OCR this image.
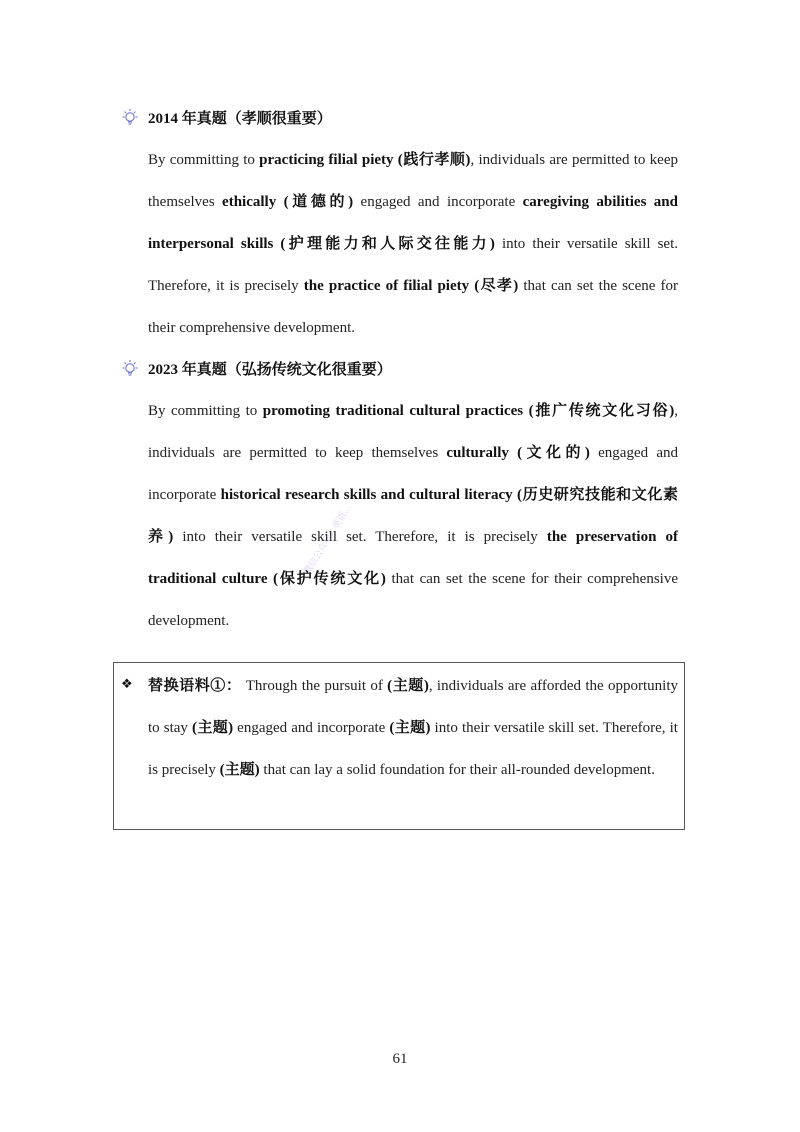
2014 年真题（孝顺很重要）
By committing to practicing filial piety (践行孝顺), individuals are permitted to keep themselves ethically (道德的) engaged and incorporate caregiving abilities and interpersonal skills (护理能力和人际交往能力) into their versatile skill set. Therefore, it is precisely the practice of filial piety (尽孝) that can set the scene for their comprehensive development.
2023 年真题（弘扬传统文化很重要）
By committing to promoting traditional cultural practices (推广传统文化习俗), individuals are permitted to keep themselves culturally (文化的) engaged and incorporate historical research skills and cultural literacy (历史研究技能和文化素养) into their versatile skill set. Therefore, it is precisely the preservation of traditional culture (保护传统文化) that can set the scene for their comprehensive development.
微信公众号：英语…
❖ 替换语料①： Through the pursuit of (主题), individuals are afforded the opportunity to stay (主题) engaged and incorporate (主题) into their versatile skill set. Therefore, it is precisely (主题) that can lay a solid foundation for their all-rounded development.
61
